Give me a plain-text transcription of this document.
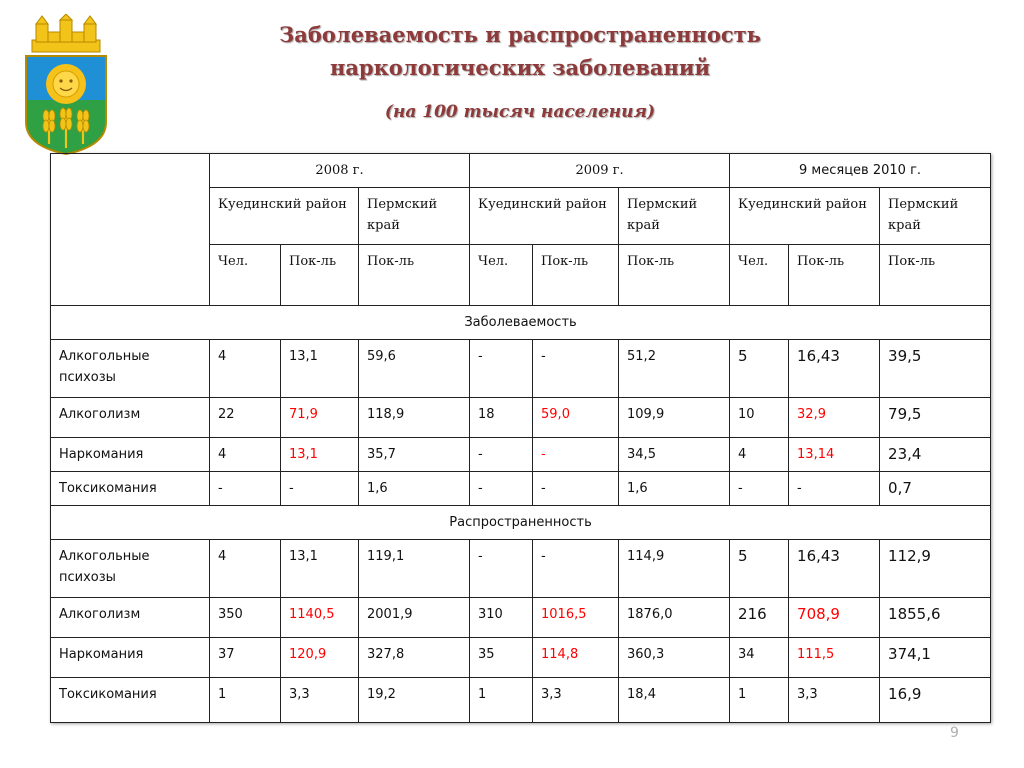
Заболеваемость и распространенность
наркологических заболеваний
(на 100 тысяч населения)
	2008 г.			2009 г.			9 месяцев 2010 г.		
	Куединский район		Пермский край	Куединский район		Пермский край	Куединский район		Пермский край
	Чел.	Пок-ль	Пок-ль	Чел.	Пок-ль	Пок-ль	Чел.	Пок-ль	Пок-ль
Заболеваемость									
Алкогольные психозы	4	13,1	59,6	-	-	51,2	5	16,43	39,5
Алкоголизм	22	71,9	118,9	18	59,0	109,9	10	32,9	79,5
Наркомания	4	13,1	35,7	-	-	34,5	4	13,14	23,4
Токсикомания	-	-	1,6	-	-	1,6	-	-	0,7
Распространенность									
Алкогольные психозы	4	13,1	119,1	-	-	114,9	5	16,43	112,9
Алкоголизм	350	1140,5	2001,9	310	1016,5	1876,0	216	708,9	1855,6
Наркомания	37	120,9	327,8	35	114,8	360,3	34	111,5	374,1
Токсикомания	1	3,3	19,2	1	3,3	18,4	1	3,3	16,9
9
